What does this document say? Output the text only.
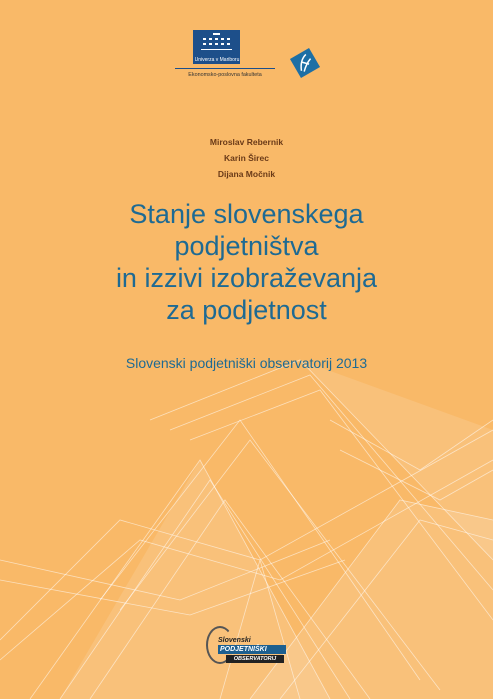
Univerza v Mariboru
Ekonomsko-poslovna fakulteta
Miroslav Rebernik
Karin Širec
Dijana Močnik
Stanje slovenskega
podjetništva
in izzivi izobraževanja
za podjetnost
Slovenski podjetniški observatorij 2013
Slovenski
PODJETNIŠKI
OBSERVATORIJ
